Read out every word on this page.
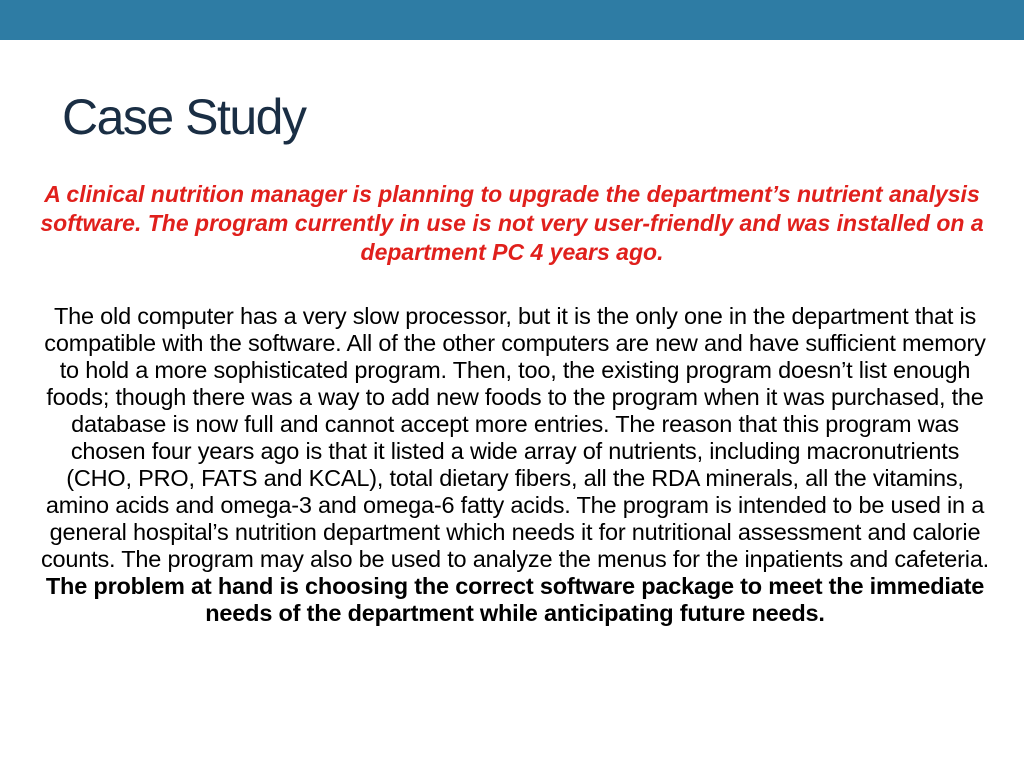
Case Study

A clinical nutrition manager is planning to upgrade the department’s nutrient analysis software. The program currently in use is not very user-friendly and was installed on a department PC 4 years ago.

The old computer has a very slow processor, but it is the only one in the department that is compatible with the software. All of the other computers are new and have sufficient memory to hold a more sophisticated program. Then, too, the existing program doesn’t list enough foods; though there was a way to add new foods to the program when it was purchased, the database is now full and cannot accept more entries. The reason that this program was chosen four years ago is that it listed a wide array of nutrients, including macronutrients (CHO, PRO, FATS and KCAL), total dietary fibers, all the RDA minerals, all the vitamins, amino acids and omega-3 and omega-6 fatty acids. The program is intended to be used in a general hospital’s nutrition department which needs it for nutritional assessment and calorie counts. The program may also be used to analyze the menus for the inpatients and cafeteria. The problem at hand is choosing the correct software package to meet the immediate needs of the department while anticipating future needs.
